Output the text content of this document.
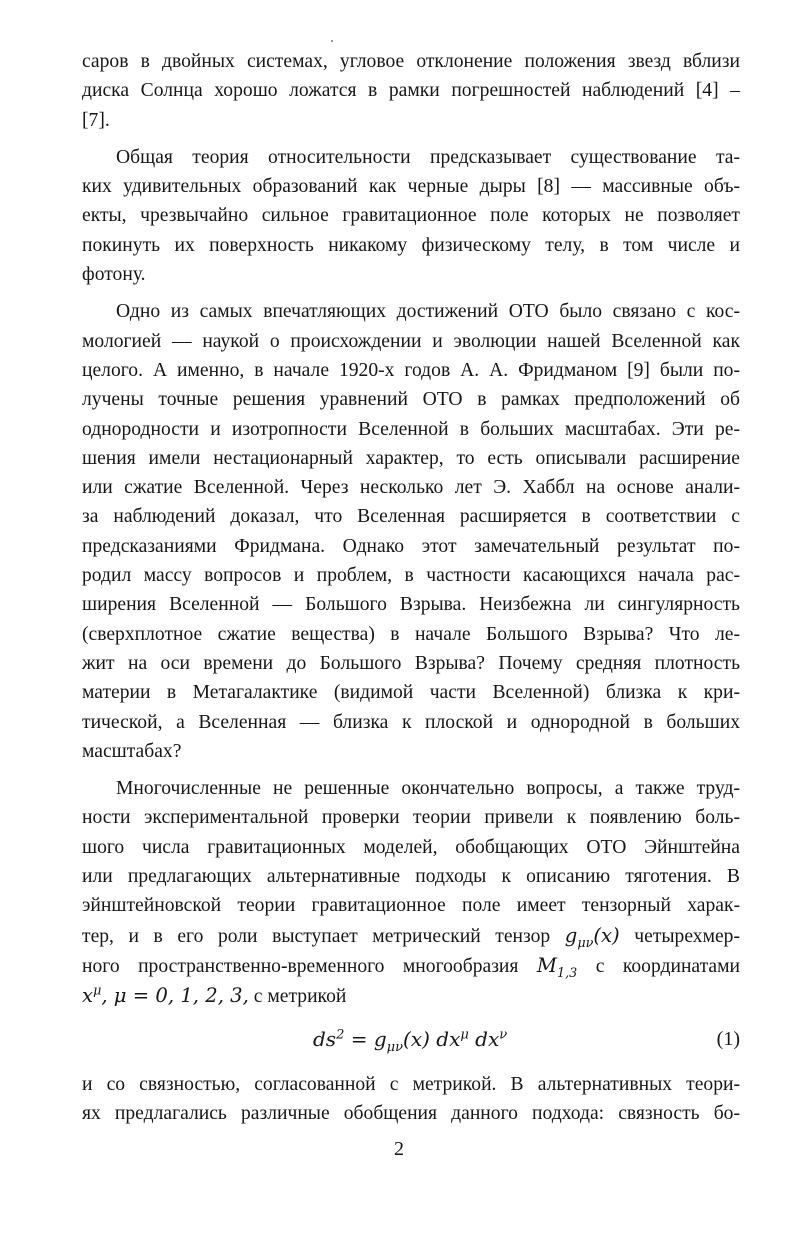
саров в двойных системах, угловое отклонение положения звезд вблизи
диска Солнца хорошо ложатся в рамки погрешностей наблюдений [4] –
[7].

Общая теория относительности предсказывает существование та-
ких удивительных образований как черные дыры [8] — массивные объ-
екты, чрезвычайно сильное гравитационное поле которых не позволяет
покинуть их поверхность никакому физическому телу, в том числе и
фотону.

Одно из самых впечатляющих достижений ОТО было связано с кос-
мологией — наукой о происхождении и эволюции нашей Вселенной как
целого. А именно, в начале 1920-х годов А. А. Фридманом [9] были по-
лучены точные решения уравнений ОТО в рамках предположений об
однородности и изотропности Вселенной в больших масштабах. Эти ре-
шения имели нестационарный характер, то есть описывали расширение
или сжатие Вселенной. Через несколько лет Э. Хаббл на основе анали-
за наблюдений доказал, что Вселенная расширяется в соответствии с
предсказаниями Фридмана. Однако этот замечательный результат по-
родил массу вопросов и проблем, в частности касающихся начала рас-
ширения Вселенной — Большого Взрыва. Неизбежна ли сингулярность
(сверхплотное сжатие вещества) в начале Большого Взрыва? Что ле-
жит на оси времени до Большого Взрыва? Почему средняя плотность
материи в Метагалактике (видимой части Вселенной) близка к кри-
тической, а Вселенная — близка к плоской и однородной в больших
масштабах?

Многочисленные не решенные окончательно вопросы, а также труд-
ности экспериментальной проверки теории привели к появлению боль-
шого числа гравитационных моделей, обобщающих ОТО Эйнштейна
или предлагающих альтернативные подходы к описанию тяготения. В
эйнштейновской теории гравитационное поле имеет тензорный харак-
тер, и в его роли выступает метрический тензор $g_{\mu\nu}(x)$ четырехмер-
ного пространственно-временного многообразия $M_{1,3}$ с координатами
$x^\mu$, μ = 0, 1, 2, 3, с метрикой

$ds^2 = g_{\mu\nu}(x)$ $dx^\mu$ $dx^\nu$	(1)

и со связностью, согласованной с метрикой. В альтернативных теори-
ях предлагались различные обобщения данного подхода: связность бо-

2
